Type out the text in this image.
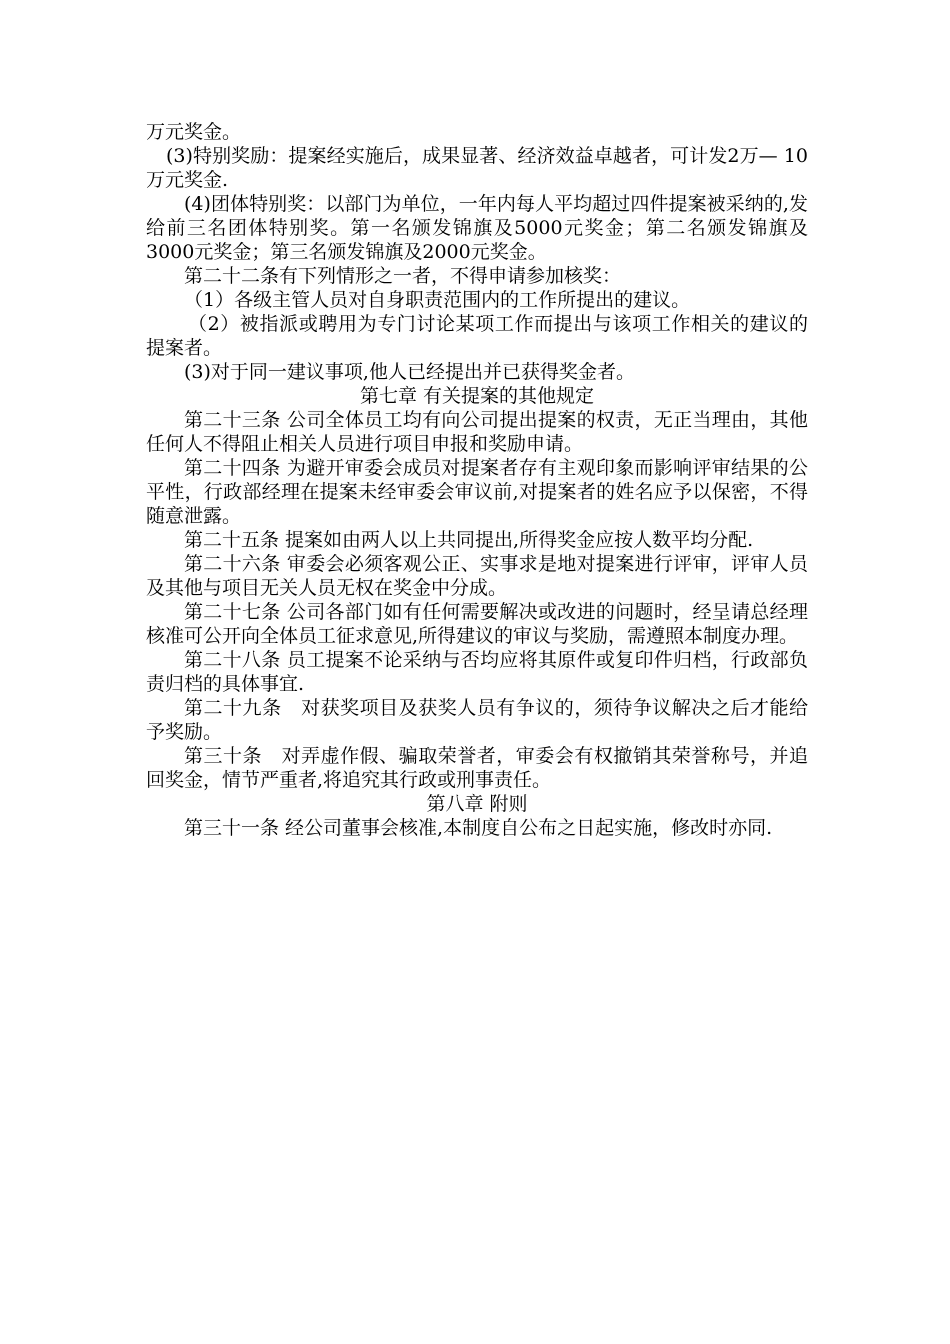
万元奖金。

(3)特别奖励：提案经实施后，成果显著、经济效益卓越者，可计发2万— 10万元奖金.

(4)团体特别奖：以部门为单位，一年内每人平均超过四件提案被采纳的,发给前三名团体特别奖。第一名颁发锦旗及5000元奖金；第二名颁发锦旗及3000元奖金；第三名颁发锦旗及2000元奖金。

第二十二条有下列情形之一者，不得申请参加核奖：

（1）各级主管人员对自身职责范围内的工作所提出的建议。

（2）被指派或聘用为专门讨论某项工作而提出与该项工作相关的建议的提案者。

(3)对于同一建议事项,他人已经提出并已获得奖金者。

第七章 有关提案的其他规定

第二十三条 公司全体员工均有向公司提出提案的权责，无正当理由，其他任何人不得阻止相关人员进行项目申报和奖励申请。

第二十四条 为避开审委会成员对提案者存有主观印象而影响评审结果的公平性，行政部经理在提案未经审委会审议前,对提案者的姓名应予以保密，不得随意泄露。

第二十五条 提案如由两人以上共同提出,所得奖金应按人数平均分配.

第二十六条 审委会必须客观公正、实事求是地对提案进行评审，评审人员及其他与项目无关人员无权在奖金中分成。

第二十七条 公司各部门如有任何需要解决或改进的问题时，经呈请总经理核准可公开向全体员工征求意见,所得建议的审议与奖励，需遵照本制度办理。

第二十八条 员工提案不论采纳与否均应将其原件或复印件归档，行政部负责归档的具体事宜.

第二十九条　对获奖项目及获奖人员有争议的，须待争议解决之后才能给予奖励。

第三十条　对弄虚作假、骗取荣誉者，审委会有权撤销其荣誉称号，并追回奖金，情节严重者,将追究其行政或刑事责任。

第八章 附则

第三十一条 经公司董事会核准,本制度自公布之日起实施，修改时亦同.
